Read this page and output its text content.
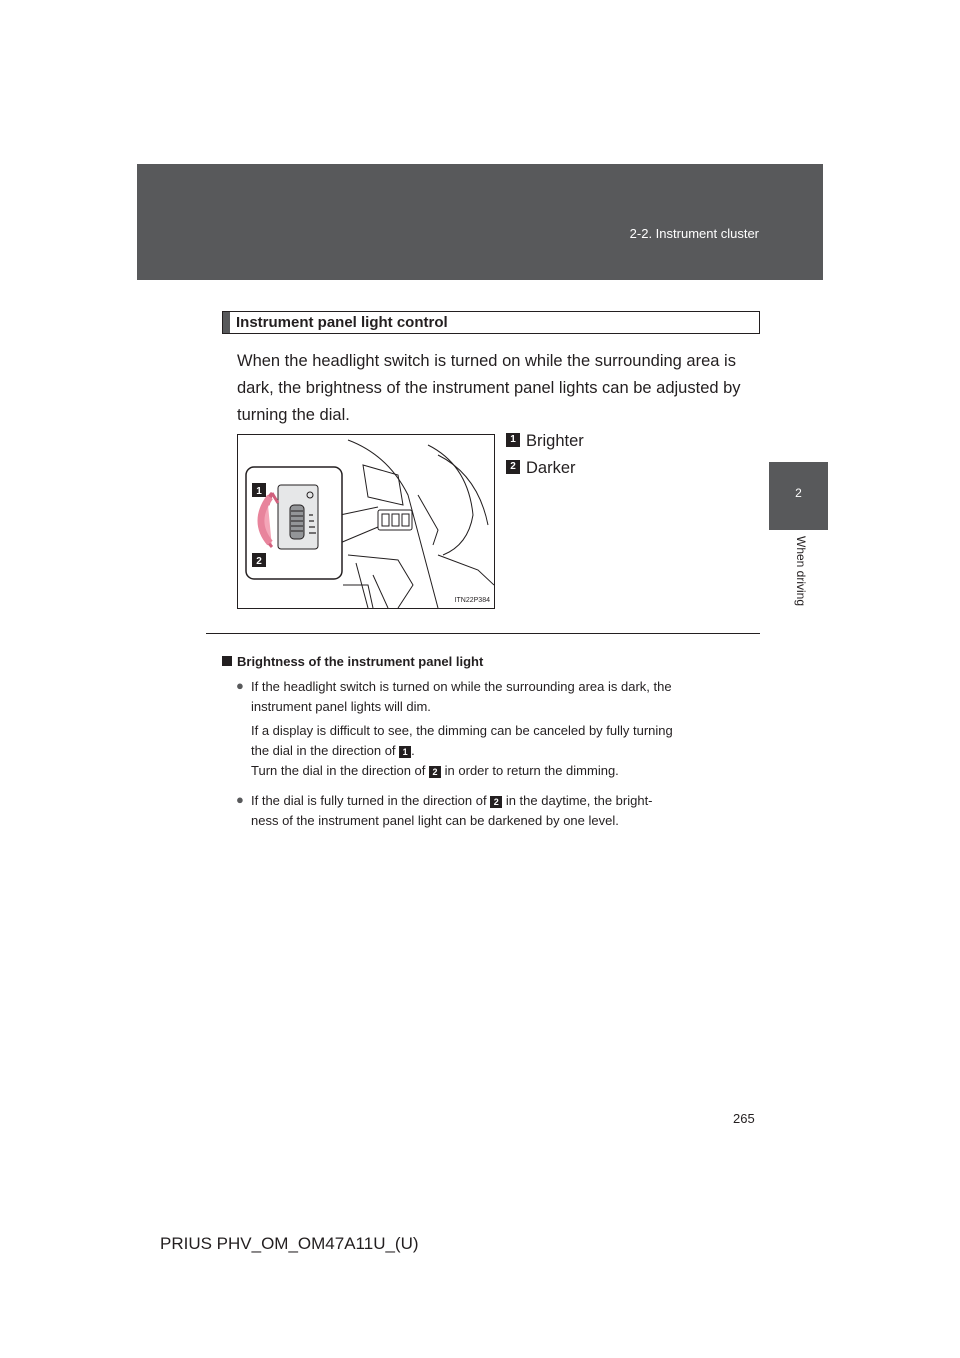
2-2. Instrument cluster
2
When driving
Instrument panel light control
When the headlight switch is turned on while the surrounding area is dark, the brightness of the instrument panel lights can be adjusted by turning the dial.
1 Brighter
2 Darker
1
2
ITN22P384
Brightness of the instrument panel light
● If the headlight switch is turned on while the surrounding area is dark, the
instrument panel lights will dim.
If a display is difficult to see, the dimming can be canceled by fully turning
the dial in the direction of 1 .
Turn the dial in the direction of 2 in order to return the dimming.
● If the dial is fully turned in the direction of 2 in the daytime, the bright-
ness of the instrument panel light can be darkened by one level.
265
PRIUS PHV_OM_OM47A11U_(U)
